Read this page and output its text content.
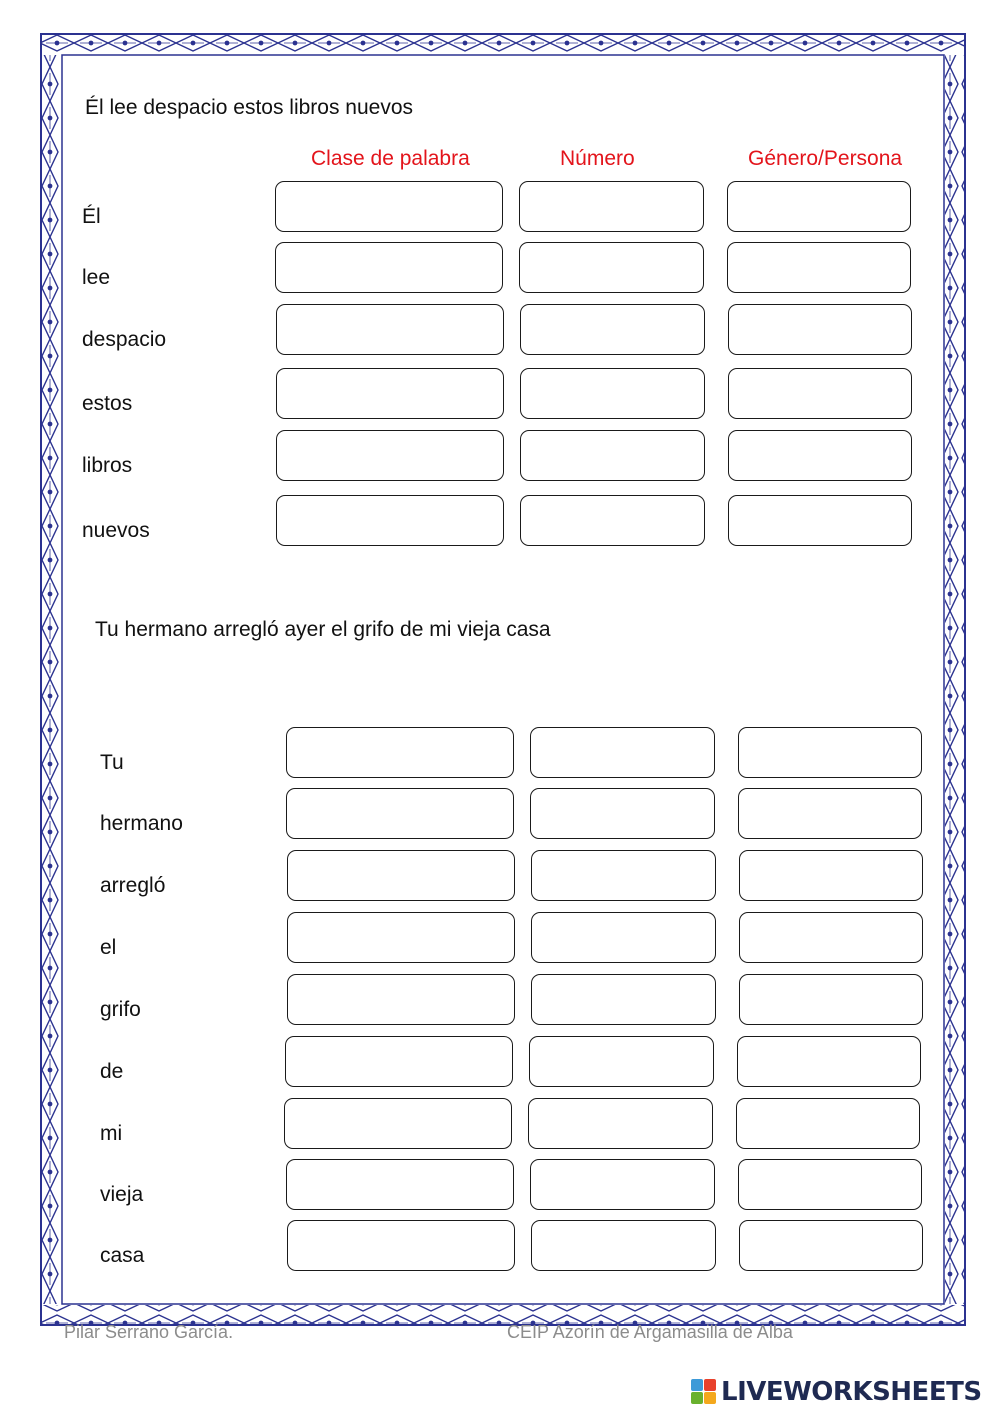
Él lee despacio estos libros nuevos
Clase de palabra	Número	Género/Persona
Él
lee
despacio
estos
libros
nuevos
Tu hermano arregló ayer el grifo de mi vieja casa
Tu
hermano
arregló
el
grifo
de
mi
vieja
casa
Pilar Serrano García.	CEIP Azorín de Argamasilla de Alba
LIVEWORKSHEETS
